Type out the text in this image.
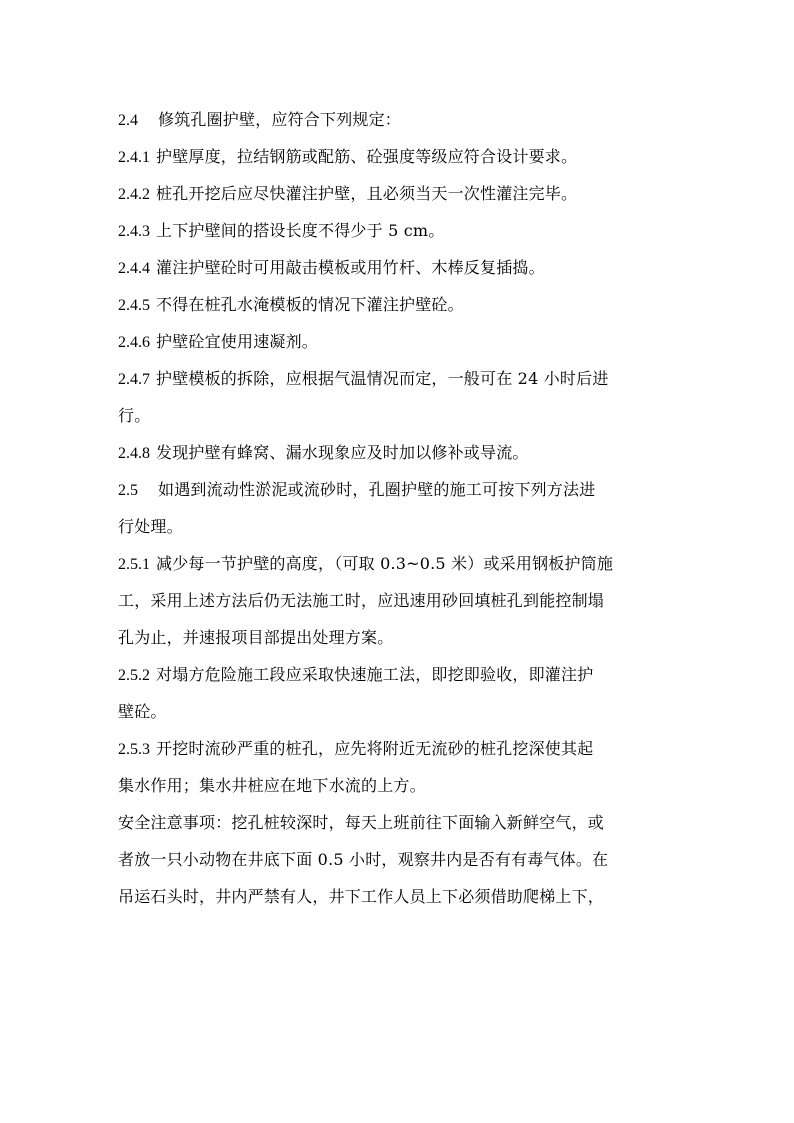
2.4 修筑孔圈护壁，应符合下列规定：
2.4.1 护壁厚度，拉结钢筋或配筋、砼强度等级应符合设计要求。
2.4.2 桩孔开挖后应尽快灌注护壁，且必须当天一次性灌注完毕。
2.4.3 上下护壁间的搭设长度不得少于 5 cm。
2.4.4 灌注护壁砼时可用敲击模板或用竹杆、木棒反复插捣。
2.4.5 不得在桩孔水淹模板的情况下灌注护壁砼。
2.4.6 护壁砼宜使用速凝剂。
2.4.7 护壁模板的拆除，应根据气温情况而定，一般可在 24 小时后进
行。
2.4.8 发现护壁有蜂窝、漏水现象应及时加以修补或导流。
2.5 如遇到流动性淤泥或流砂时，孔圈护壁的施工可按下列方法进
行处理。
2.5.1 减少每一节护壁的高度，（可取 0.3~0.5 米）或采用钢板护筒施
工，采用上述方法后仍无法施工时，应迅速用砂回填桩孔到能控制塌
孔为止，并速报项目部提出处理方案。
2.5.2 对塌方危险施工段应采取快速施工法，即挖即验收，即灌注护
壁砼。
2.5.3 开挖时流砂严重的桩孔，应先将附近无流砂的桩孔挖深使其起
集水作用；集水井桩应在地下水流的上方。
安全注意事项：挖孔桩较深时，每天上班前往下面输入新鲜空气，或
者放一只小动物在井底下面 0.5 小时，观察井内是否有有毒气体。在
吊运石头时，井内严禁有人，井下工作人员上下必须借助爬梯上下，
